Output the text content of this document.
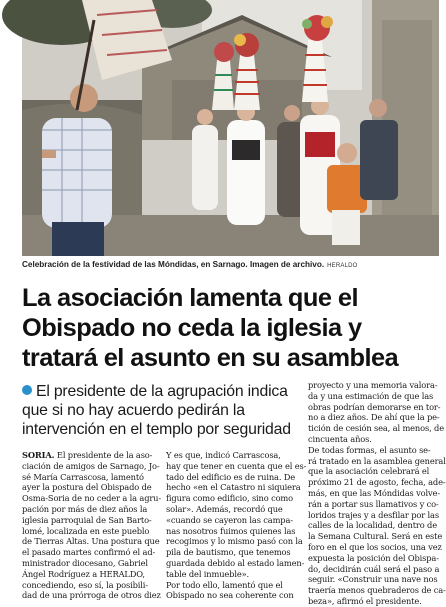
Celebración de la festividad de las Móndidas, en Sarnago. Imagen de archivo. HERALDO
La asociación lamenta que el
Obispado no ceda la iglesia y
tratará el asunto en su asamblea
El presidente de la agrupación indica
que si no hay acuerdo pedirán la
intervención en el templo por seguridad
SORIA. El presidente de la aso-
ciación de amigos de Sarnago, Jo-
sé María Carrascosa, lamentó
ayer la postura del Obispado de
Osma-Soria de no ceder a la agru-
pación por más de diez años la
iglesia parroquial de San Barto-
lomé, localizada en este pueblo
de Tierras Altas. Una postura que
el pasado martes confirmó el ad-
ministrador diocesano, Gabriel
Ángel Rodríguez a HERALDO,
concediendo, eso sí, la posibili-
dad de una prórroga de otros diez
Y es que, indicó Carrascosa,
hay que tener en cuenta que el es-
tado del edificio es de ruina. De
hecho «en el Catastro ni siquiera
figura como edificio, sino como
solar». Además, recordó que
«cuando se cayeron las campa-
nas nosotros fuimos quienes las
recogimos y lo mismo pasó con la
pila de bautismo, que tenemos
guardada debido al estado lamen-
table del inmueble».
Por todo ello, lamentó que el
Obispado no sea coherente con
proyecto y una memoria valora-
da y una estimación de que las
obras podrían demorarse en tor-
no a diez años. De ahí que la pe-
tición de cesión sea, al menos, de
cincuenta años.
De todas formas, el asunto se-
rá tratado en la asamblea general
que la asociación celebrará el
próximo 21 de agosto, fecha, ade-
más, en que las Móndidas volve-
rán a portar sus llamativos y co-
loridos trajes y a desfilar por las
calles de la localidad, dentro de
la Semana Cultural. Será en este
foro en el que los socios, una vez
expuesta la posición del Obispa-
do, decidirán cuál será el paso a
seguir. «Construir una nave nos
traería menos quebraderos de ca-
beza», afirmó el presidente.
